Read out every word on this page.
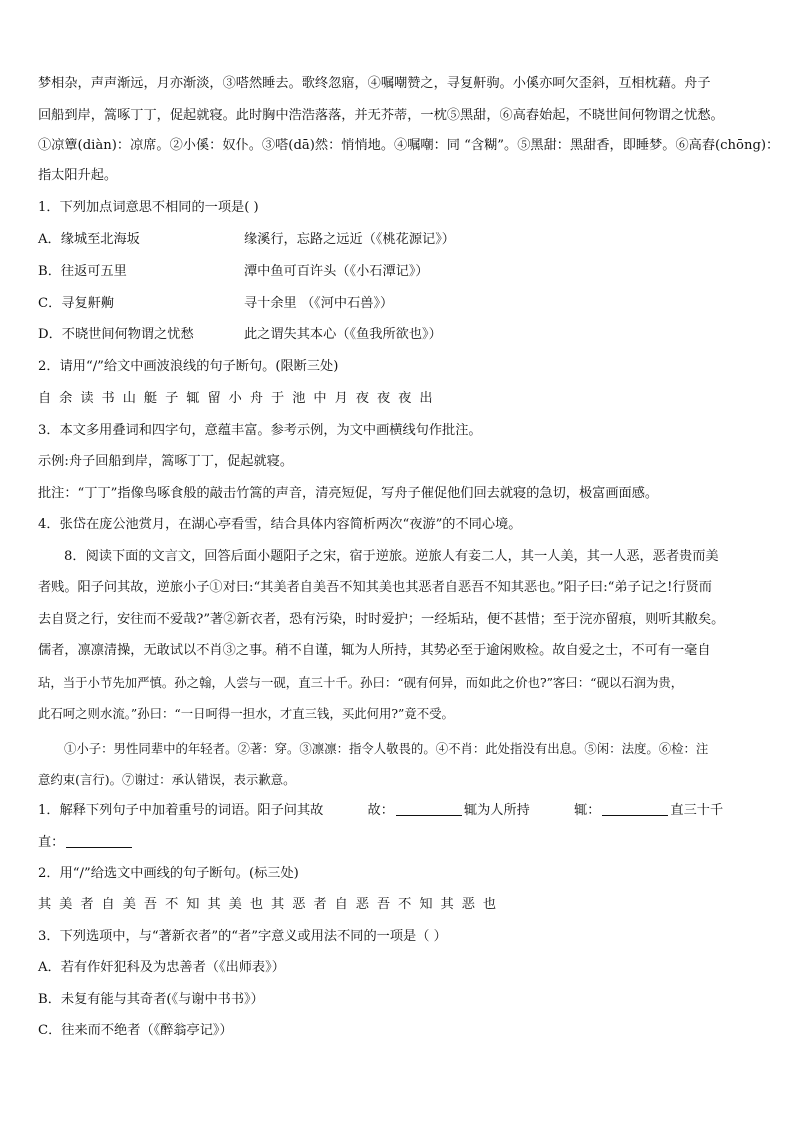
梦相杂，声声渐远，月亦渐淡，③嗒然睡去。歌终忽寤，④嘱嘲赞之，寻复鼾驹。小傒亦呵欠歪斜，互相枕藉。舟子
回船到岸，篙啄丁丁，促起就寝。此时胸中浩浩落落，并无芥蒂，一枕⑤黑甜，⑥高舂始起，不晓世间何物谓之忧愁。
①凉簟(diàn)：凉席。②小傒：奴仆。③嗒(dā)然：悄悄地。④嘱嘲：同 “含糊”。⑤黑甜：黑甜香，即睡梦。⑥高舂(chōng)：
指太阳升起。
1．下列加点词意思不相同的一项是( )
A．缘城至北海坂	缘溪行，忘路之远近（《桃花源记》）
B．往返可五里	潭中鱼可百许头（《小石潭记》）
C．寻复鼾齁	寻十余里 （《河中石兽》）
D．不晓世间何物谓之忧愁	此之谓失其本心（《鱼我所欲也》）
2．请用“/”给文中画波浪线的句子断句。(限断三处)
自余读书山艇子辄留小舟于池中月夜夜夜出
3．本文多用叠词和四字句，意蕴丰富。参考示例，为文中画横线句作批注。
示例:舟子回船到岸，篙啄丁丁，促起就寝。
批注：“丁丁”指像鸟啄食般的敲击竹篙的声音，清亮短促，写舟子催促他们回去就寝的急切，极富画面感。
4．张岱在庞公池赏月，在湖心亭看雪，结合具体内容简析两次“夜游”的不同心境。
8．阅读下面的文言文，回答后面小题阳子之宋，宿于逆旅。逆旅人有妾二人，其一人美，其一人恶，恶者贵而美
者贱。阳子问其故，逆旅小子①对曰:“其美者自美吾不知其美也其恶者自恶吾不知其恶也。”阳子曰:“弟子记之!行贤而
去自贤之行，安往而不爱哉?”著②新衣者，恐有污染，时时爱护；一经垢玷，便不甚惜；至于浣亦留痕，则听其敝矣。
儒者，凛凛清操，无敢试以不肖③之事。稍不自谨，辄为人所持，其势必至于逾闲败检。故自爱之士，不可有一毫自
玷，当于小节先加严慎。孙之翰，人尝与一砚，直三十千。孙曰：“砚有何异，而如此之价也?”客曰：“砚以石润为贵，
此石呵之则水流。”孙曰：“一日呵得一担水，才直三钱，买此何用?”竟不受。
①小子：男性同辈中的年轻者。②著：穿。③凛凛：指令人敬畏的。④不肖：此处指没有出息。⑤闲：法度。⑥检：注
意约束(言行)。⑦谢过：承认错误，表示歉意。
1．解释下列句子中加着重号的词语。阳子问其故	故：	辄为人所持	辄：	直三十千
直：
2．用“/”给选文中画线的句子断句。(标三处)
其美者自美吾不知其美也其恶者自恶吾不知其恶也
3．下列选项中，与“著新衣者”的“者”字意义或用法不同的一项是（ ）
A．若有作奸犯科及为忠善者（《出师表》）
B．未复有能与其奇者(《与谢中书书》）
C．往来而不绝者（《醉翁亭记》）
